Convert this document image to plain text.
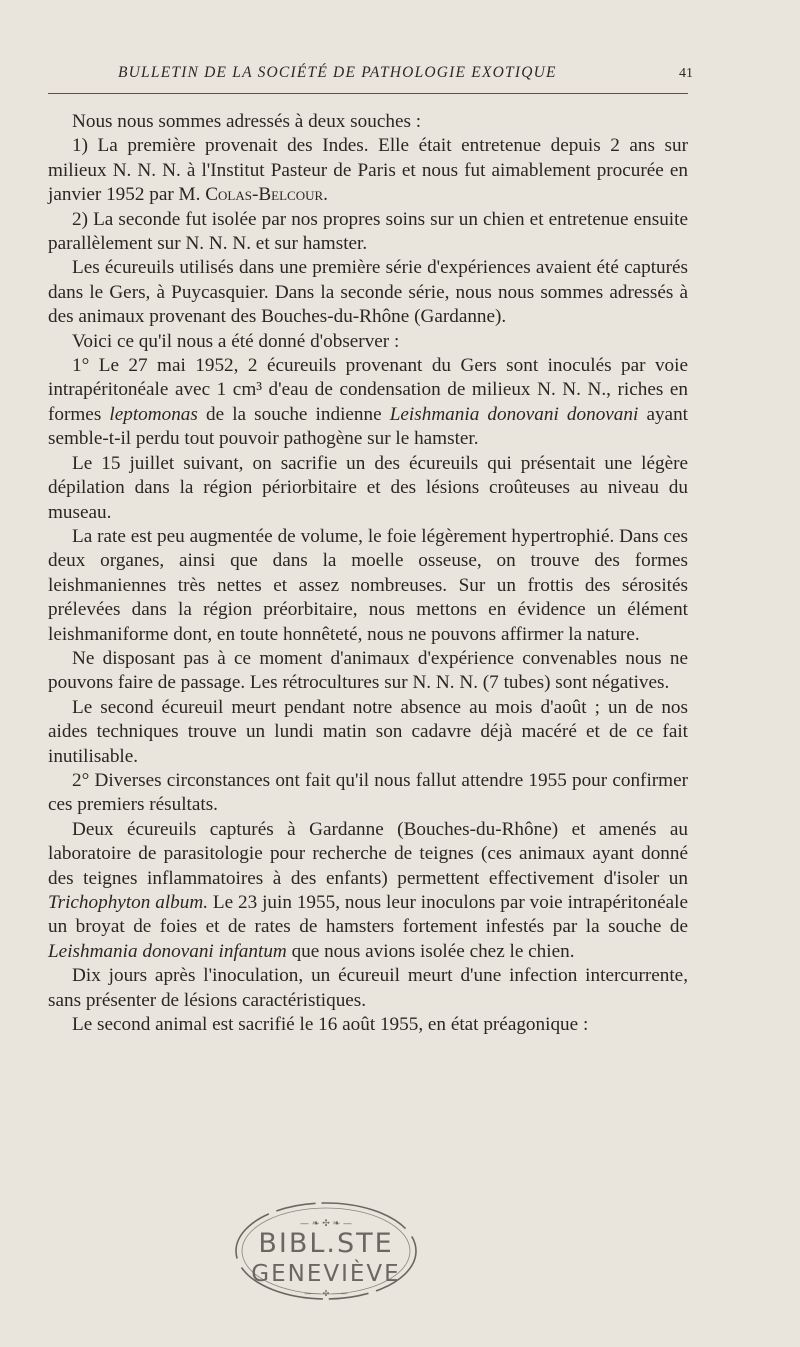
BULLETIN DE LA SOCIÉTÉ DE PATHOLOGIE EXOTIQUE	41

Nous nous sommes adressés à deux souches :

1) La première provenait des Indes. Elle était entretenue depuis 2 ans sur milieux N. N. N. à l'Institut Pasteur de Paris et nous fut aimablement procurée en janvier 1952 par M. Colas-Belcour.

2) La seconde fut isolée par nos propres soins sur un chien et entretenue ensuite parallèlement sur N. N. N. et sur hamster.

Les écureuils utilisés dans une première série d'expériences avaient été capturés dans le Gers, à Puycasquier. Dans la seconde série, nous nous sommes adressés à des animaux provenant des Bouches-du-Rhône (Gardanne).

Voici ce qu'il nous a été donné d'observer :

1° Le 27 mai 1952, 2 écureuils provenant du Gers sont inoculés par voie intrapéritonéale avec 1 cm³ d'eau de condensation de milieux N. N. N., riches en formes leptomonas de la souche indienne Leishmania donovani donovani ayant semble-t-il perdu tout pouvoir pathogène sur le hamster.

Le 15 juillet suivant, on sacrifie un des écureuils qui présentait une légère dépilation dans la région périorbitaire et des lésions croûteuses au niveau du museau.

La rate est peu augmentée de volume, le foie légèrement hypertrophié. Dans ces deux organes, ainsi que dans la moelle osseuse, on trouve des formes leishmaniennes très nettes et assez nombreuses. Sur un frottis des sérosités prélevées dans la région préorbitaire, nous mettons en évidence un élément leishmaniforme dont, en toute honnêteté, nous ne pouvons affirmer la nature.

Ne disposant pas à ce moment d'animaux d'expérience convenables nous ne pouvons faire de passage. Les rétrocultures sur N. N. N. (7 tubes) sont négatives.

Le second écureuil meurt pendant notre absence au mois d'août ; un de nos aides techniques trouve un lundi matin son cadavre déjà macéré et de ce fait inutilisable.

2° Diverses circonstances ont fait qu'il nous fallut attendre 1955 pour confirmer ces premiers résultats.

Deux écureuils capturés à Gardanne (Bouches-du-Rhône) et amenés au laboratoire de parasitologie pour recherche de teignes (ces animaux ayant donné des teignes inflammatoires à des enfants) permettent effectivement d'isoler un Trichophyton album. Le 23 juin 1955, nous leur inoculons par voie intrapéritonéale un broyat de foies et de rates de hamsters fortement infestés par la souche de Leishmania donovani infantum que nous avions isolée chez le chien.

Dix jours après l'inoculation, un écureuil meurt d'une infection intercurrente, sans présenter de lésions caractéristiques.

Le second animal est sacrifié le 16 août 1955, en état préagonique :

— ❧ ✣ ❧ —
BIBL.STE
GENEVIÈVE
—— ✣ ——
